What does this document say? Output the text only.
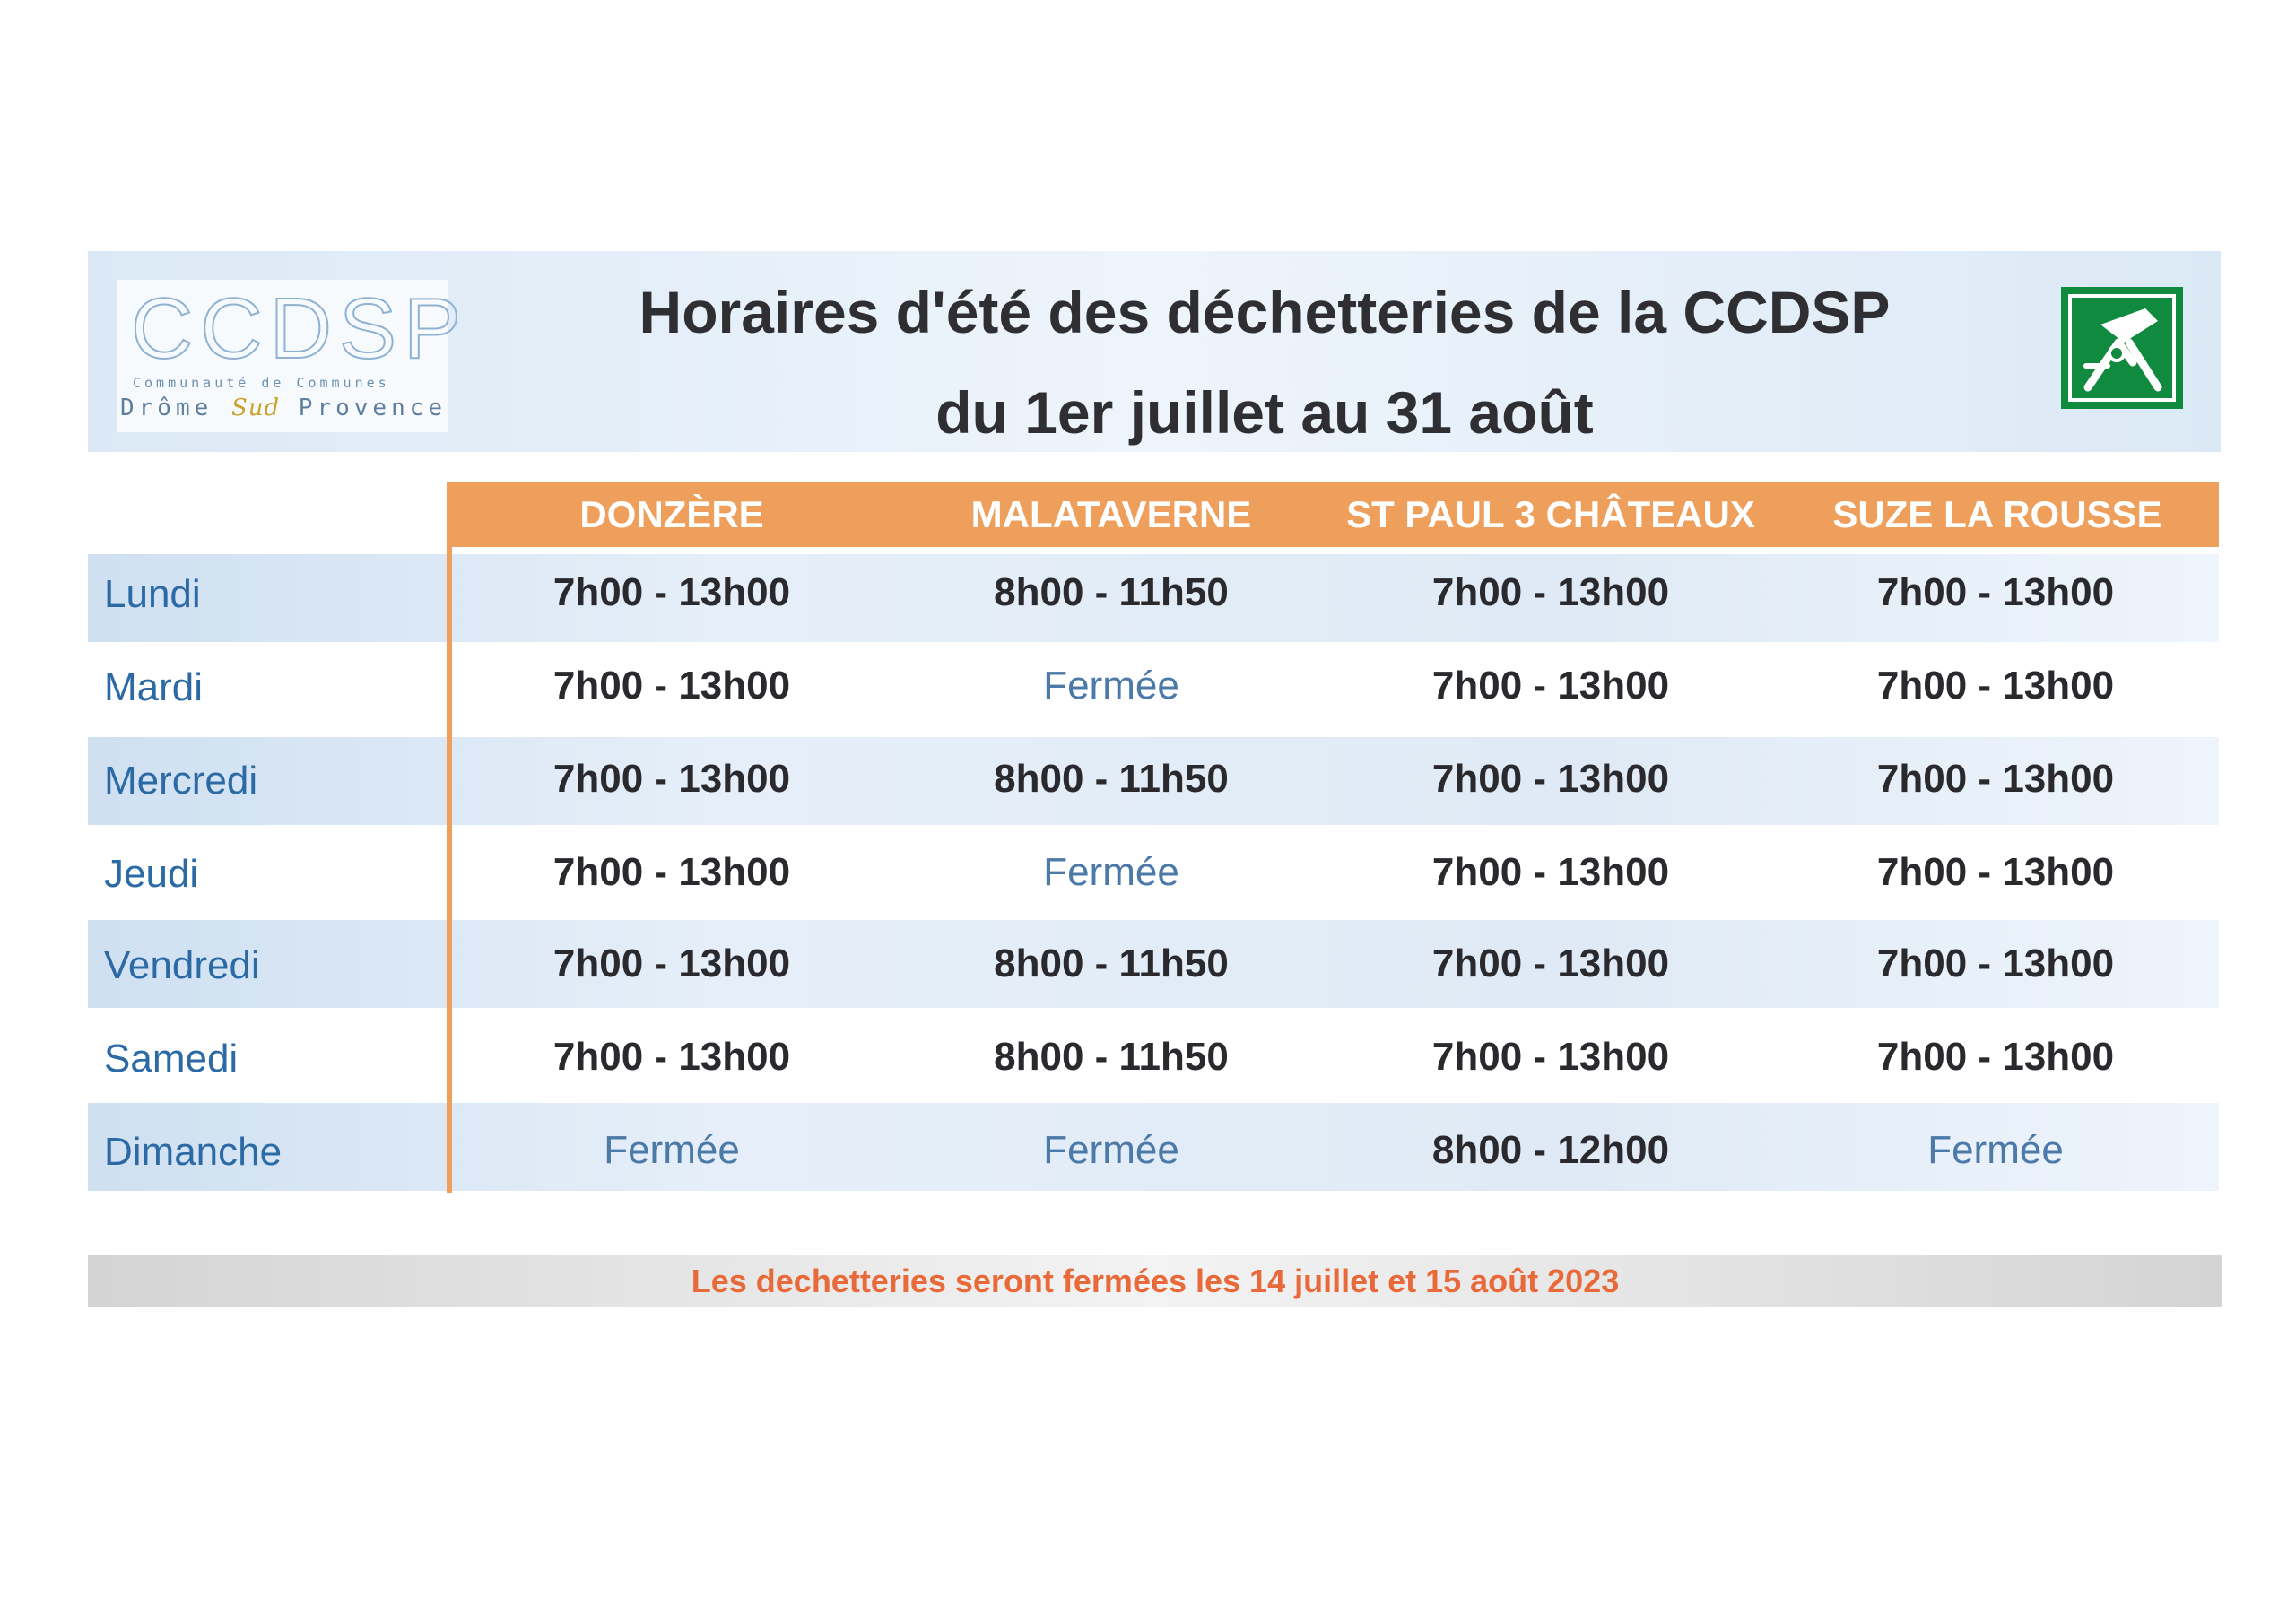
CCDSP
Communauté de Communes
Drôme Sud Provence
Horaires d'été des déchetteries de la CCDSP
du 1er juillet au 31 août
DONZÈRE	MALATAVERNE	ST PAUL 3 CHÂTEAUX	SUZE LA ROUSSE
Lundi	7h00 - 13h00	8h00 - 11h50	7h00 - 13h00	7h00 - 13h00
Mardi	7h00 - 13h00	Fermée	7h00 - 13h00	7h00 - 13h00
Mercredi	7h00 - 13h00	8h00 - 11h50	7h00 - 13h00	7h00 - 13h00
Jeudi	7h00 - 13h00	Fermée	7h00 - 13h00	7h00 - 13h00
Vendredi	7h00 - 13h00	8h00 - 11h50	7h00 - 13h00	7h00 - 13h00
Samedi	7h00 - 13h00	8h00 - 11h50	7h00 - 13h00	7h00 - 13h00
Dimanche	Fermée	Fermée	8h00 - 12h00	Fermée
Les dechetteries seront fermées les 14 juillet et 15 août 2023
